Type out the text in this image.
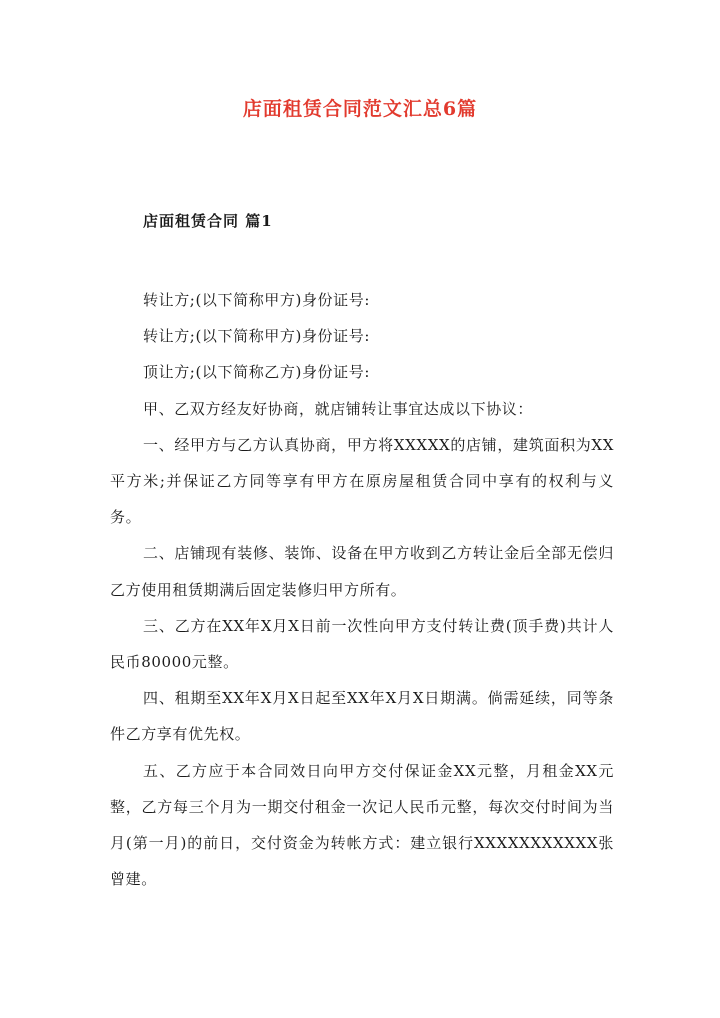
店面租赁合同范文汇总6篇
店面租赁合同 篇1

转让方;(以下简称甲方)身份证号:

转让方;(以下简称甲方)身份证号:

顶让方;(以下简称乙方)身份证号:

甲、乙双方经友好协商，就店铺转让事宜达成以下协议：

一、经甲方与乙方认真协商，甲方将XXXXX的店铺，建筑面积为XX平方米;并保证乙方同等享有甲方在原房屋租赁合同中享有的权利与义务。

二、店铺现有装修、装饰、设备在甲方收到乙方转让金后全部无偿归乙方使用租赁期满后固定装修归甲方所有。

三、乙方在XX年X月X日前一次性向甲方支付转让费(顶手费)共计人民币80000元整。

四、租期至XX年X月X日起至XX年X月X日期满。倘需延续，同等条件乙方享有优先权。

五、乙方应于本合同效日向甲方交付保证金XX元整，月租金XX元整，乙方每三个月为一期交付租金一次记人民币元整，每次交付时间为当月(第一月)的前日，交付资金为转帐方式：建立银行XXXXXXXXXXX张曾建。
